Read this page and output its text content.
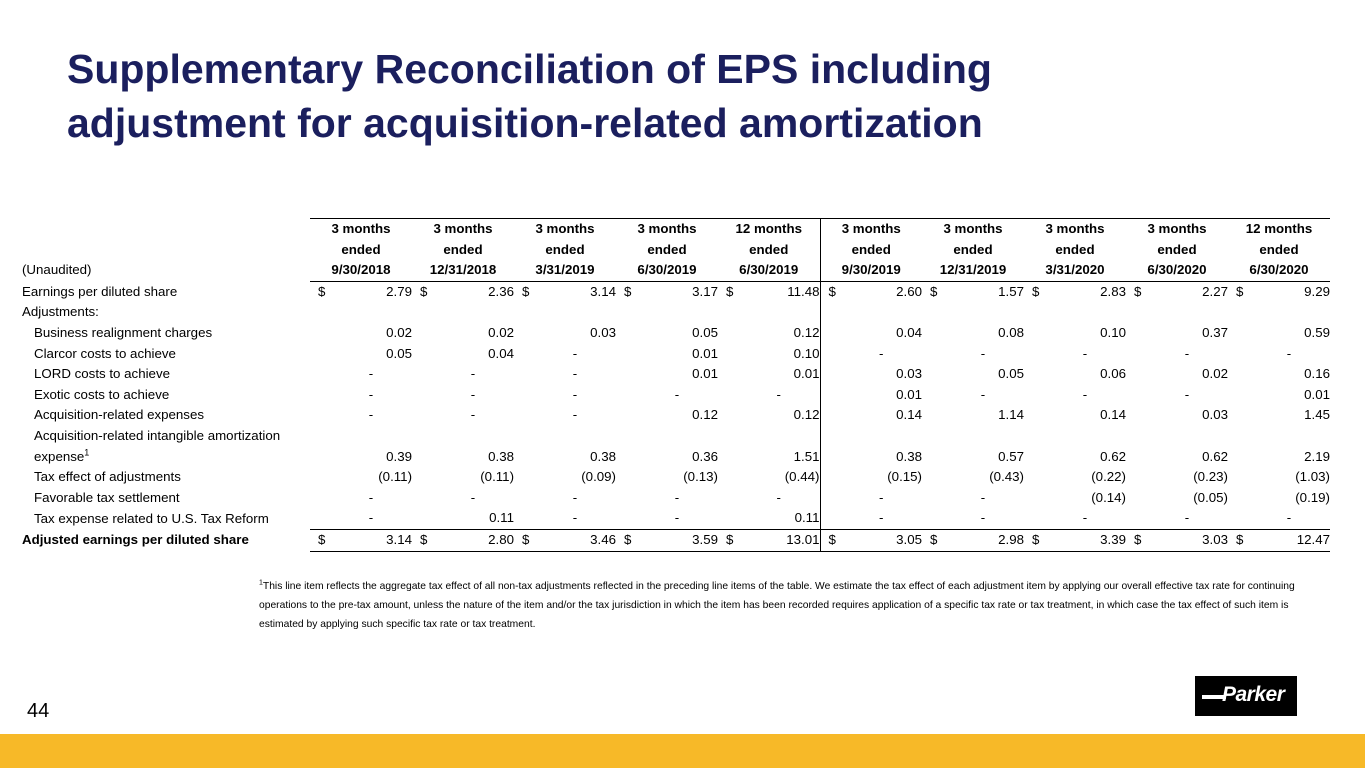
Supplementary Reconciliation of EPS including
adjustment for acquisition-related amortization
	3 months	3 months	3 months	3 months	12 months	3 months	3 months	3 months	3 months	12 months
	ended	ended	ended	ended	ended	ended	ended	ended	ended	ended
(Unaudited)	9/30/2018	12/31/2018	3/31/2019	6/30/2019	6/30/2019	9/30/2019	12/31/2019	3/31/2020	6/30/2020	6/30/2020
Earnings per diluted share	$ 2.79	$ 2.36	$ 3.14	$ 3.17	$ 11.48	$ 2.60	$ 1.57	$ 2.83	$ 2.27	$ 9.29
Adjustments:										
Business realignment charges	0.02	0.02	0.03	0.05	0.12	0.04	0.08	0.10	0.37	0.59
Clarcor costs to achieve	0.05	0.04	-	0.01	0.10	-	-	-	-	-
LORD costs to achieve	-	-	-	0.01	0.01	0.03	0.05	0.06	0.02	0.16
Exotic costs to achieve	-	-	-	-	-	0.01	-	-	-	0.01
Acquisition-related expenses	-	-	-	0.12	0.12	0.14	1.14	0.14	0.03	1.45
Acquisition-related intangible amortization										
expense$^1$	0.39	0.38	0.38	0.36	1.51	0.38	0.57	0.62	0.62	2.19
Tax effect of adjustments	(0.11)	(0.11)	(0.09)	(0.13)	(0.44)	(0.15)	(0.43)	(0.22)	(0.23)	(1.03)
Favorable tax settlement	-	-	-	-	-	-	-	(0.14)	(0.05)	(0.19)
Tax expense related to U.S. Tax Reform	-	0.11	-	-	0.11	-	-	-	-	-
Adjusted earnings per diluted share	$ 3.14	$ 2.80	$ 3.46	$ 3.59	$ 13.01	$ 3.05	$ 2.98	$ 3.39	$ 3.03	$ 12.47
$^1$This line item reflects the aggregate tax effect of all non-tax adjustments reflected in the preceding line items of the table. We estimate the tax effect of each adjustment item by applying our overall effective tax rate for continuing operations to the pre-tax amount, unless the nature of the item and/or the tax jurisdiction in which the item has been recorded requires application of a specific tax rate or tax treatment, in which case the tax effect of such item is estimated by applying such specific tax rate or tax treatment.
44
Parker
